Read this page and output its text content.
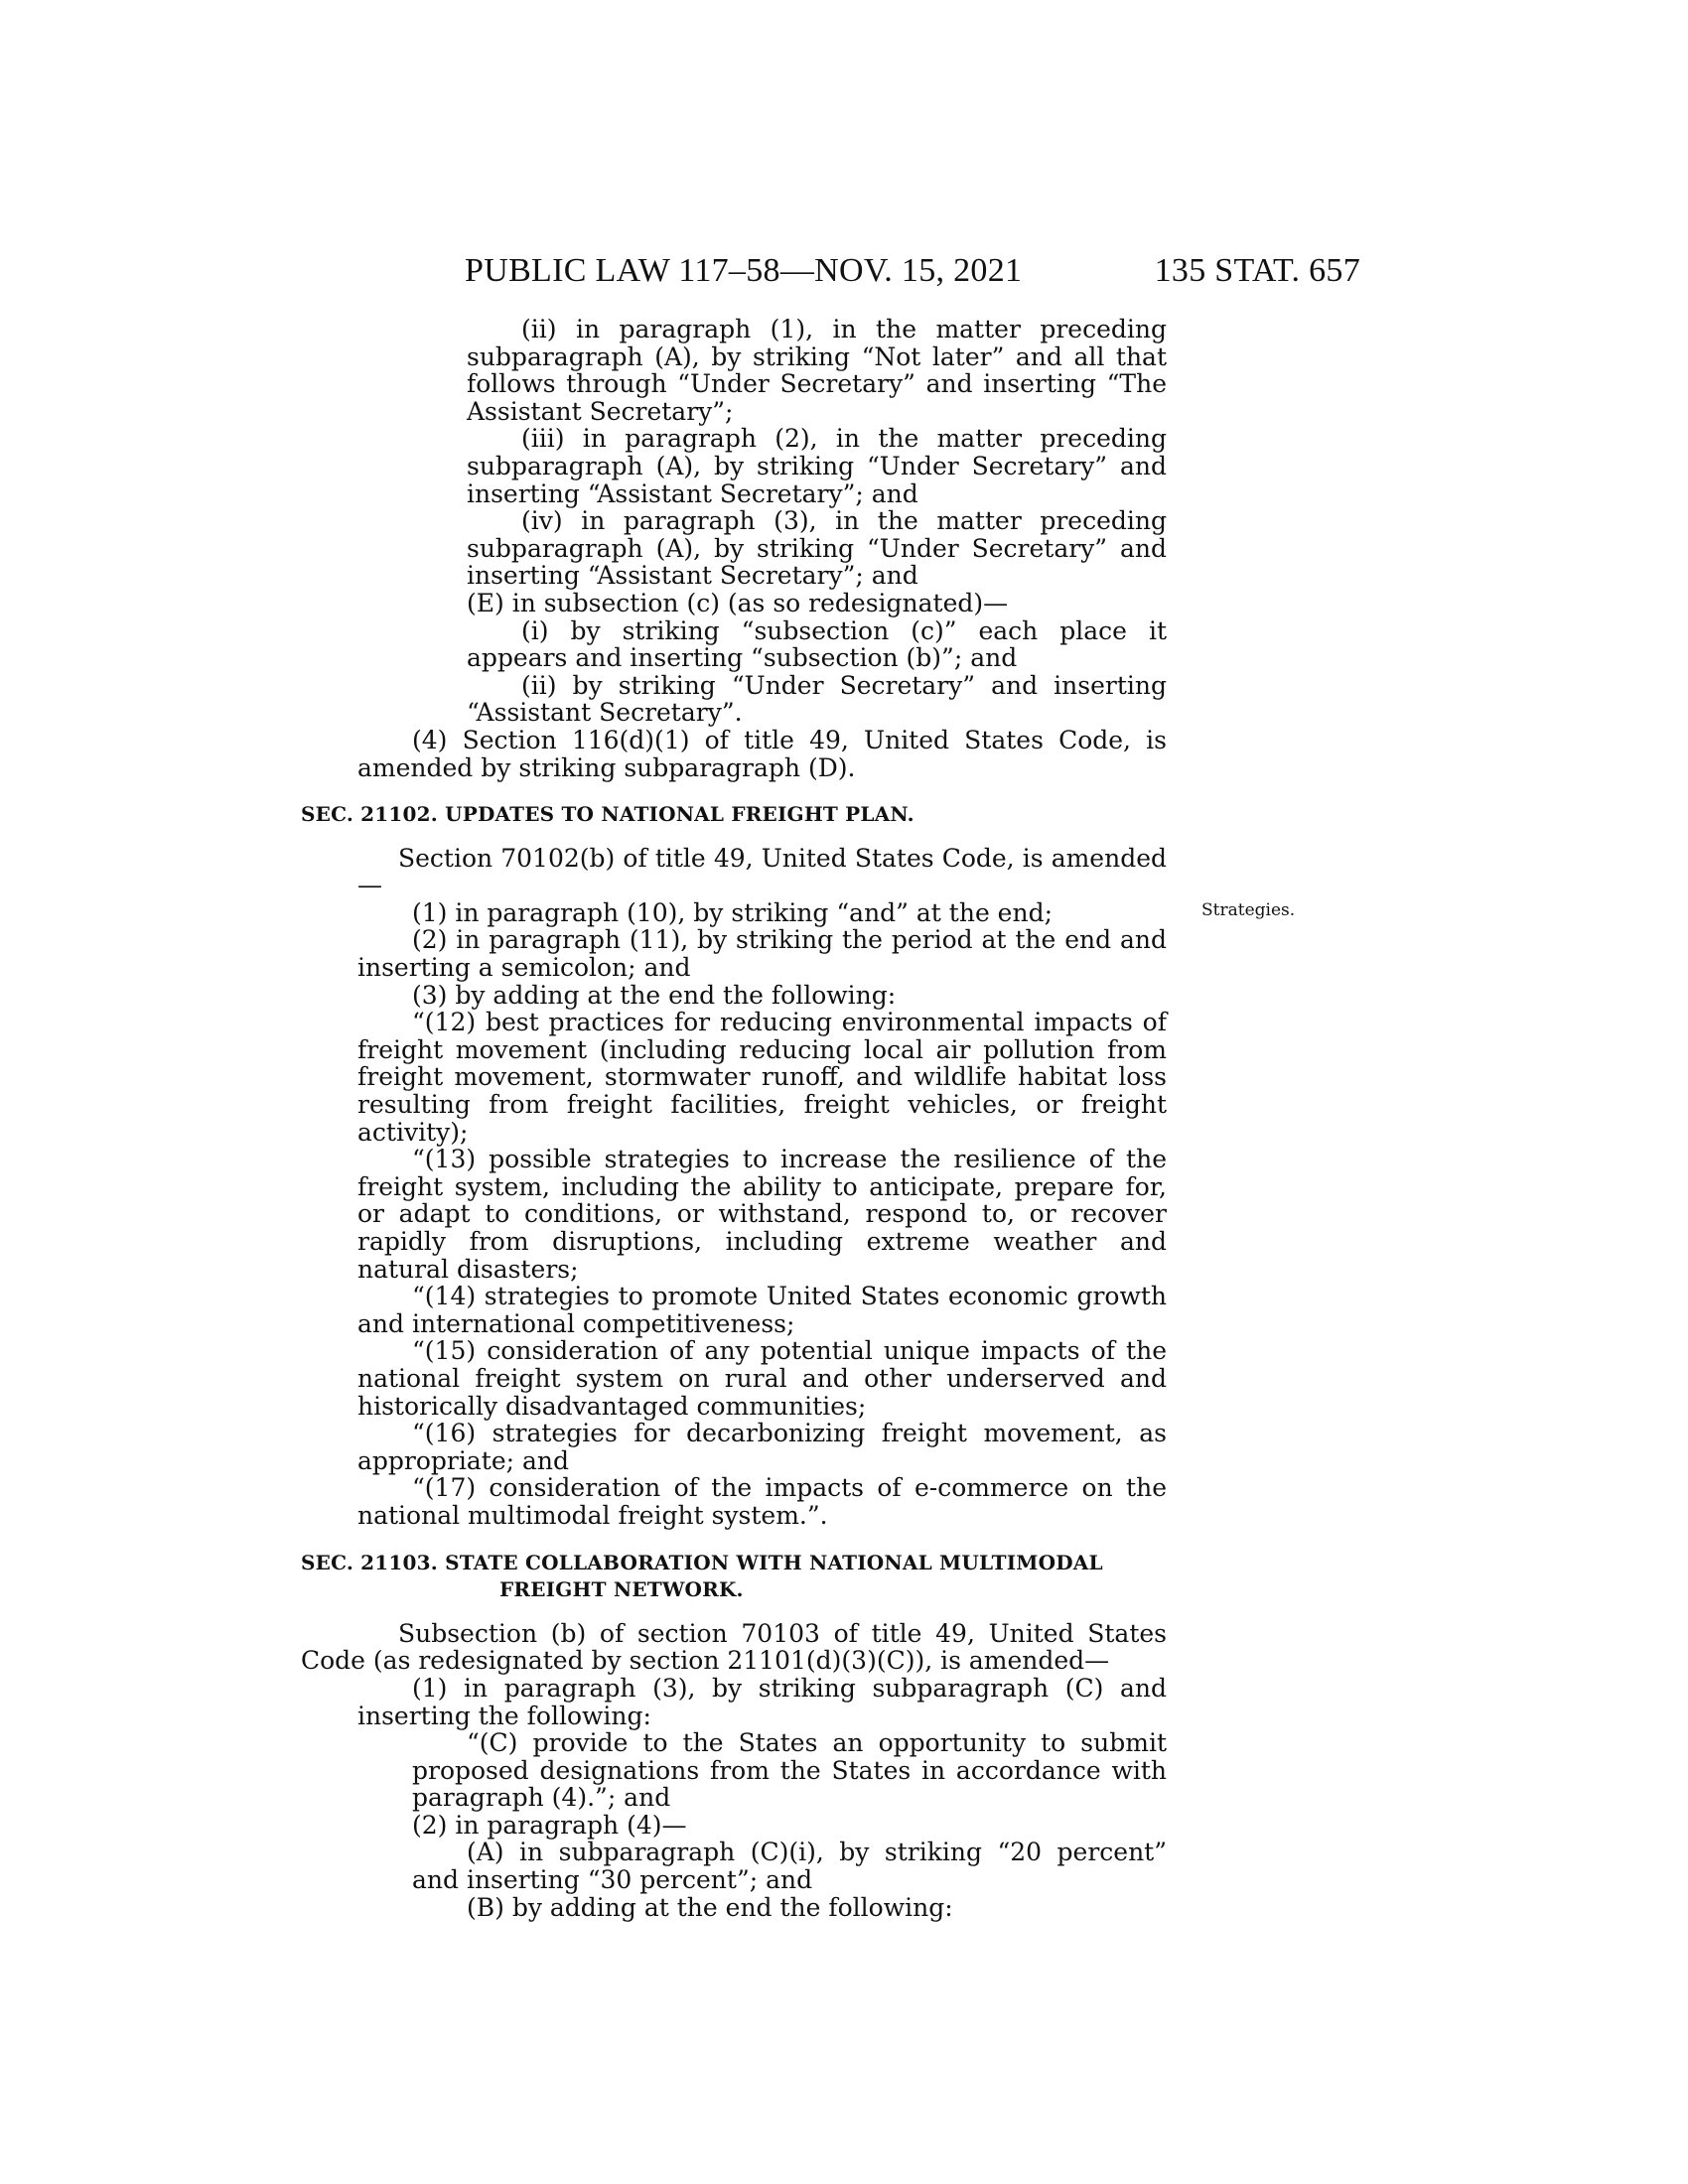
PUBLIC LAW 117–58—NOV. 15, 2021	135 STAT. 657
Strategies.

(ii) in paragraph (1), in the matter preceding subparagraph (A), by striking “Not later” and all that follows through “Under Secretary” and inserting “The Assistant Secretary”;

(iii) in paragraph (2), in the matter preceding subparagraph (A), by striking “Under Secretary” and inserting “Assistant Secretary”; and

(iv) in paragraph (3), in the matter preceding subparagraph (A), by striking “Under Secretary” and inserting “Assistant Secretary”; and

(E) in subsection (c) (as so redesignated)—

(i) by striking “subsection (c)” each place it appears and inserting “subsection (b)”; and

(ii) by striking “Under Secretary” and inserting “Assistant Secretary”.

(4) Section 116(d)(1) of title 49, United States Code, is amended by striking subparagraph (D).

SEC. 21102. UPDATES TO NATIONAL FREIGHT PLAN.

Section 70102(b) of title 49, United States Code, is amended—

(1) in paragraph (10), by striking “and” at the end;

(2) in paragraph (11), by striking the period at the end and inserting a semicolon; and

(3) by adding at the end the following:

“(12) best practices for reducing environmental impacts of freight movement (including reducing local air pollution from freight movement, stormwater runoff, and wildlife habitat loss resulting from freight facilities, freight vehicles, or freight activity);

“(13) possible strategies to increase the resilience of the freight system, including the ability to anticipate, prepare for, or adapt to conditions, or withstand, respond to, or recover rapidly from disruptions, including extreme weather and natural disasters;

“(14) strategies to promote United States economic growth and international competitiveness;

“(15) consideration of any potential unique impacts of the national freight system on rural and other underserved and historically disadvantaged communities;

“(16) strategies for decarbonizing freight movement, as appropriate; and

“(17) consideration of the impacts of e-commerce on the national multimodal freight system.”.

SEC. 21103. STATE COLLABORATION WITH NATIONAL MULTIMODAL
FREIGHT NETWORK.

Subsection (b) of section 70103 of title 49, United States Code (as redesignated by section 21101(d)(3)(C)), is amended—

(1) in paragraph (3), by striking subparagraph (C) and inserting the following:

“(C) provide to the States an opportunity to submit proposed designations from the States in accordance with paragraph (4).”; and

(2) in paragraph (4)—

(A) in subparagraph (C)(i), by striking “20 percent” and inserting “30 percent”; and

(B) by adding at the end the following:
